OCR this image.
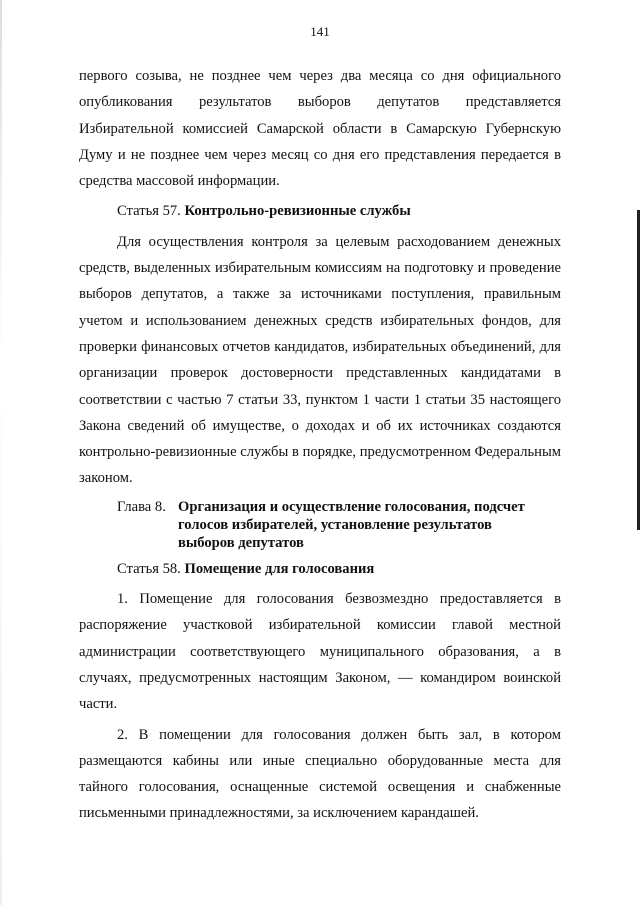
141

первого созыва, не позднее чем через два месяца со дня официального опубликования результатов выборов депутатов представляется Избирательной комиссией Самарской области в Самарскую Губернскую Думу и не позднее чем через месяц со дня его представления передается в средства массовой информации.

Статья 57. Контрольно-ревизионные службы

Для осуществления контроля за целевым расходованием денежных средств, выделенных избирательным комиссиям на подготовку и проведение выборов депутатов, а также за источниками поступления, правильным учетом и использованием денежных средств избирательных фондов, для проверки финансовых отчетов кандидатов, избирательных объединений, для организации проверок достоверности представленных кандидатами в соответствии с частью 7 статьи 33, пунктом 1 части 1 статьи 35 настоящего Закона сведений об имуществе, о доходах и об их источниках создаются контрольно-ревизионные службы в порядке, предусмотренном Федеральным законом.

Глава 8. Организация и осуществление голосования, подсчет голосов избирателей, установление результатов выборов депутатов

Статья 58. Помещение для голосования

1. Помещение для голосования безвозмездно предоставляется в распоряжение участковой избирательной комиссии главой местной администрации соответствующего муниципального образования, а в случаях, предусмотренных настоящим Законом, — командиром воинской части.

2. В помещении для голосования должен быть зал, в котором размещаются кабины или иные специально оборудованные места для тайного голосования, оснащенные системой освещения и снабженные письменными принадлежностями, за исключением карандашей.
